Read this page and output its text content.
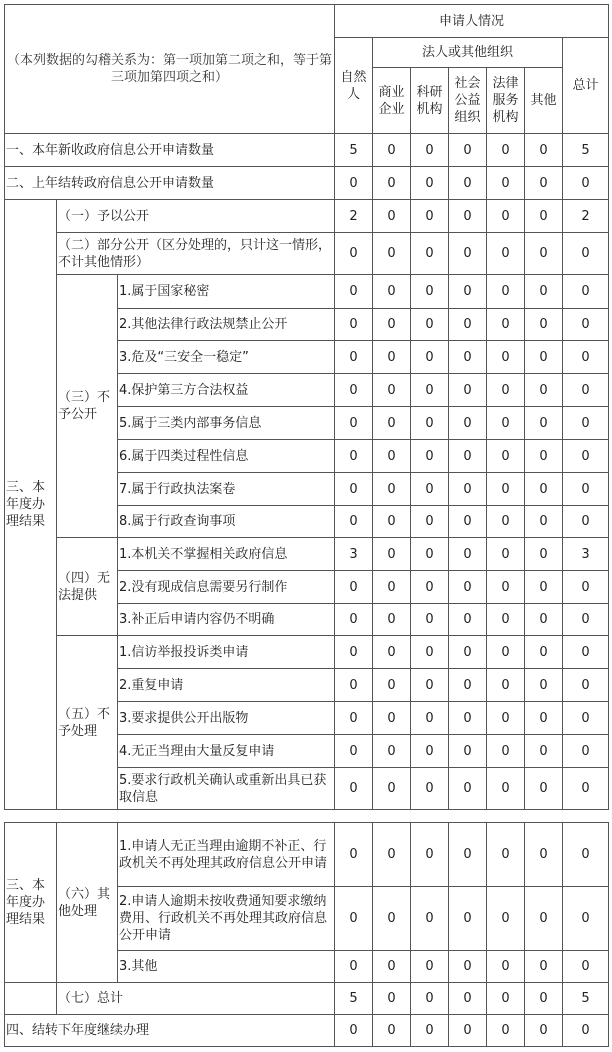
（本列数据的勾稽关系为：第一项加第二项之和，等于第三项加第四项之和）			申请人情况						
			自然人	法人或其他组织					总计
				商业企业	科研机构	社会公益组织	法律服务机构	其他	
一、本年新收政府信息公开申请数量			5	0	0	0	0	0	5
二、上年结转政府信息公开申请数量			0	0	0	0	0	0	0
三、本年度办理结果	（一）予以公开		2	0	0	0	0	0	2
	（二）部分公开（区分处理的，只计这一情形，不计其他情形）		0	0	0	0	0	0	0
	（三）不予公开	1.属于国家秘密	0	0	0	0	0	0	0
		2.其他法律行政法规禁止公开	0	0	0	0	0	0	0
		3.危及“三安全一稳定”	0	0	0	0	0	0	0
		4.保护第三方合法权益	0	0	0	0	0	0	0
		5.属于三类内部事务信息	0	0	0	0	0	0	0
		6.属于四类过程性信息	0	0	0	0	0	0	0
		7.属于行政执法案卷	0	0	0	0	0	0	0
		8.属于行政查询事项	0	0	0	0	0	0	0
	（四）无法提供	1.本机关不掌握相关政府信息	3	0	0	0	0	0	3
		2.没有现成信息需要另行制作	0	0	0	0	0	0	0
		3.补正后申请内容仍不明确	0	0	0	0	0	0	0
	（五）不予处理	1.信访举报投诉类申请	0	0	0	0	0	0	0
		2.重复申请	0	0	0	0	0	0	0
		3.要求提供公开出版物	0	0	0	0	0	0	0
		4.无正当理由大量反复申请	0	0	0	0	0	0	0
		5.要求行政机关确认或重新出具已获取信息	0	0	0	0	0	0	0
三、本年度办理结果	（六）其他处理	1.申请人无正当理由逾期不补正、行政机关不再处理其政府信息公开申请	0	0	0	0	0	0	0
		2.申请人逾期未按收费通知要求缴纳费用、行政机关不再处理其政府信息公开申请	0	0	0	0	0	0	0
		3.其他	0	0	0	0	0	0	0
	（七）总计		5	0	0	0	0	0	5
四、结转下年度继续办理			0	0	0	0	0	0	0
